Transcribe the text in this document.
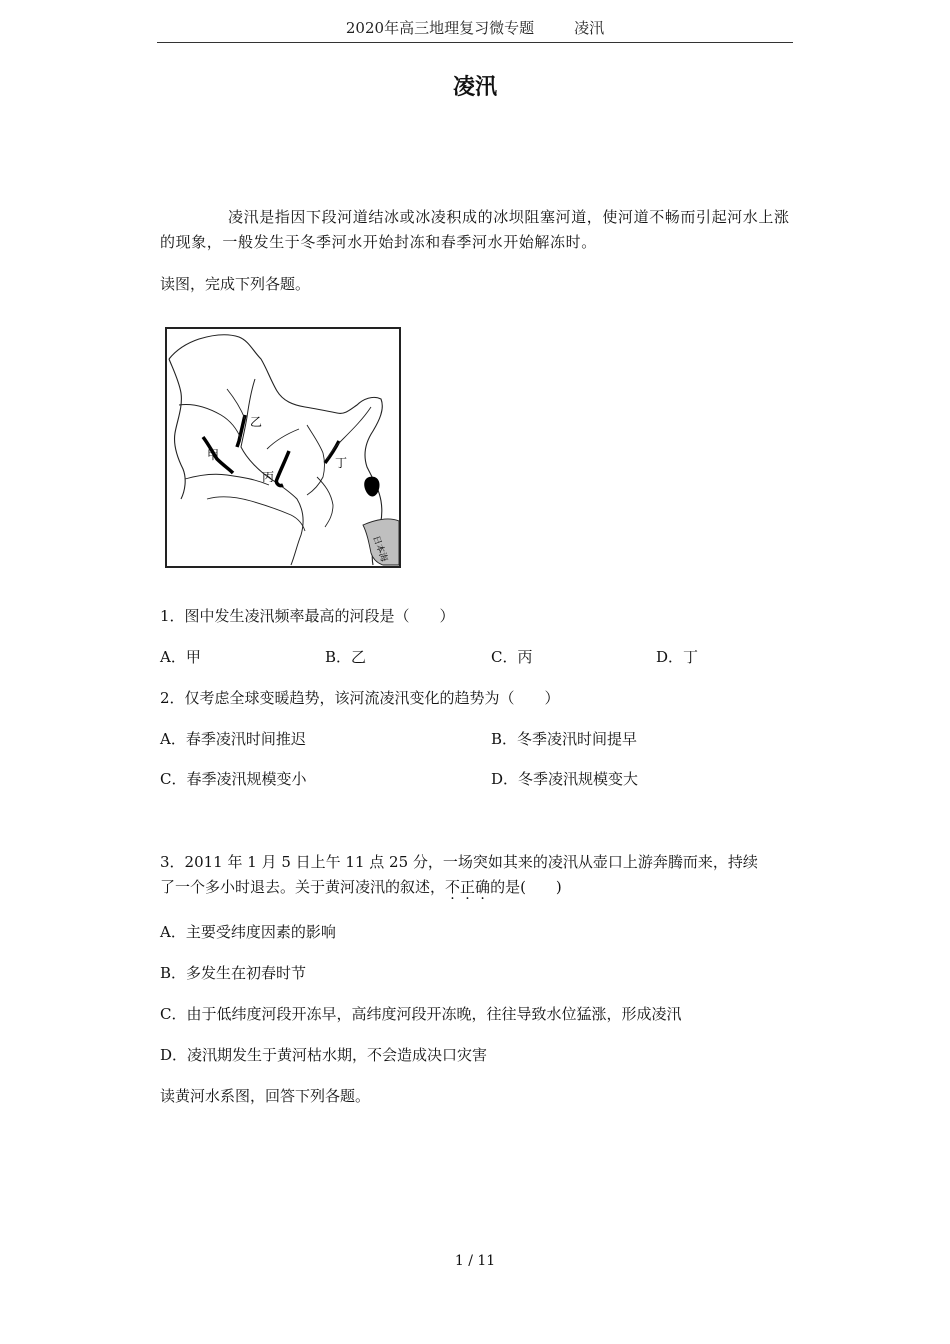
2020年高三地理复习微专题	凌汛
凌汛
凌汛是指因下段河道结冰或冰凌积成的冰坝阻塞河道，使河道不畅而引起河水上涨的现象，一般发生于冬季河水开始封冻和春季河水开始解冻时。
读图，完成下列各题。
乙
甲
丙
丁
日本海
1．图中发生凌汛频率最高的河段是（　　）
A．甲	B．乙	C．丙	D．丁
2．仅考虑全球变暖趋势，该河流凌汛变化的趋势为（　　）
A．春季凌汛时间推迟	B．冬季凌汛时间提早
C．春季凌汛规模变小	D．冬季凌汛规模变大
3．2011 年 1 月 5 日上午 11 点 25 分，一场突如其来的凌汛从壶口上游奔腾而来，持续
了一个多小时退去。关于黄河凌汛的叙述，不正确的是(　　)
A．主要受纬度因素的影响
B．多发生在初春时节
C．由于低纬度河段开冻早，高纬度河段开冻晚，往往导致水位猛涨，形成凌汛
D．凌汛期发生于黄河枯水期，不会造成决口灾害
读黄河水系图，回答下列各题。
1 / 11
